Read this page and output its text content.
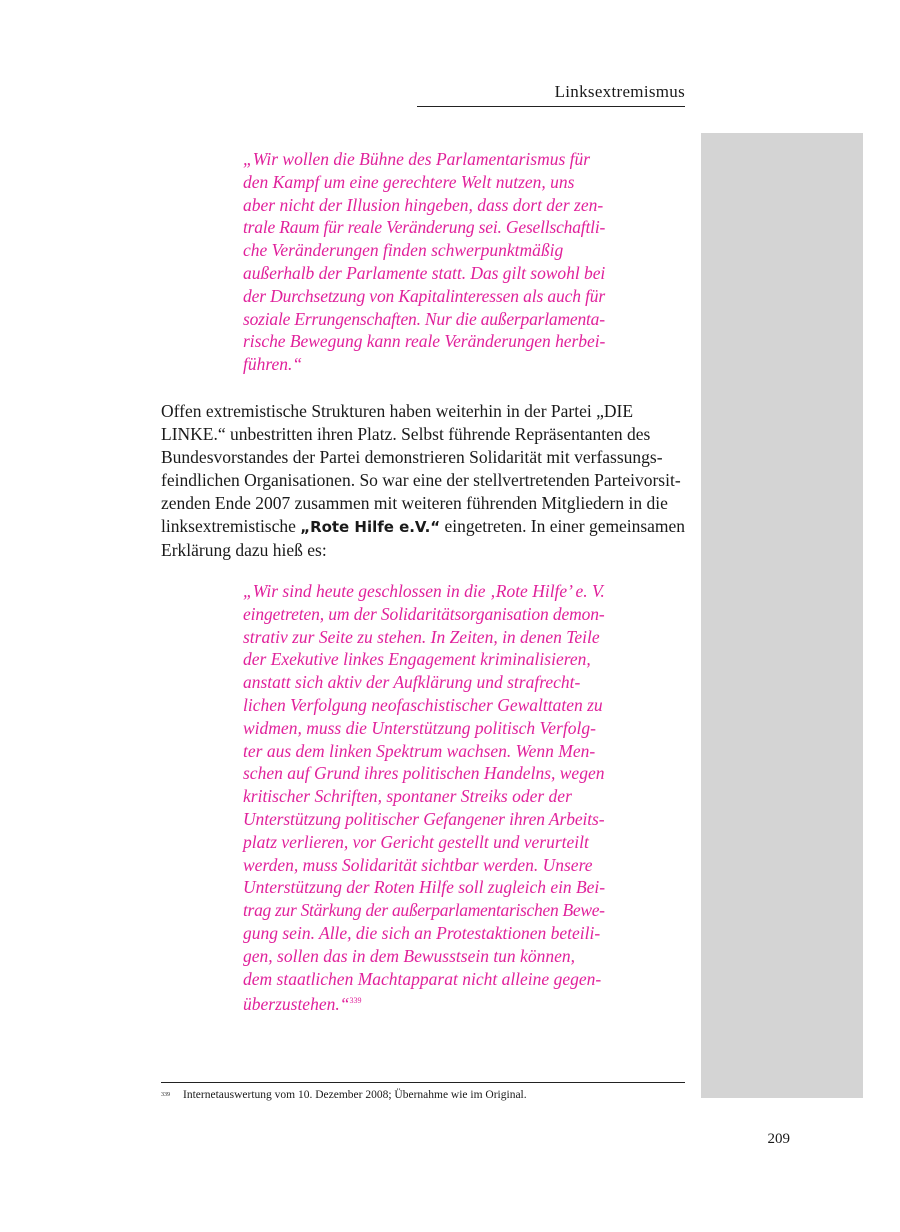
Linksextremismus
„Wir wollen die Bühne des Parlamentarismus für
den Kampf um eine gerechtere Welt nutzen, uns
aber nicht der Illusion hingeben, dass dort der zen-
trale Raum für reale Veränderung sei. Gesellschaftli-
che Veränderungen finden schwerpunktmäßig
außerhalb der Parlamente statt. Das gilt sowohl bei
der Durchsetzung von Kapitalinteressen als auch für
soziale Errungenschaften. Nur die außerparlamenta-
rische Bewegung kann reale Veränderungen herbei-
führen.“
Offen extremistische Strukturen haben weiterhin in der Partei „DIE
LINKE.“ unbestritten ihren Platz. Selbst führende Repräsentanten des
Bundesvorstandes der Partei demonstrieren Solidarität mit verfassungs-
feindlichen Organisationen. So war eine der stellvertretenden Parteivorsit-
zenden Ende 2007 zusammen mit weiteren führenden Mitgliedern in die
linksextremistische „Rote Hilfe e.V.“ eingetreten. In einer gemeinsamen
Erklärung dazu hieß es:
„Wir sind heute geschlossen in die ‚Rote Hilfe’ e. V.
eingetreten, um der Solidaritätsorganisation demon-
strativ zur Seite zu stehen. In Zeiten, in denen Teile
der Exekutive linkes Engagement kriminalisieren,
anstatt sich aktiv der Aufklärung und strafrecht-
lichen Verfolgung neofaschistischer Gewalttaten zu
widmen, muss die Unterstützung politisch Verfolg-
ter aus dem linken Spektrum wachsen. Wenn Men-
schen auf Grund ihres politischen Handelns, wegen
kritischer Schriften, spontaner Streiks oder der
Unterstützung politischer Gefangener ihren Arbeits-
platz verlieren, vor Gericht gestellt und verurteilt
werden, muss Solidarität sichtbar werden. Unsere
Unterstützung der Roten Hilfe soll zugleich ein Bei-
trag zur Stärkung der außerparlamentarischen Bewe-
gung sein. Alle, die sich an Protestaktionen beteili-
gen, sollen das in dem Bewusstsein tun können,
dem staatlichen Machtapparat nicht alleine gegen-
überzustehen.“$^{339}$
339 Internetauswertung vom 10. Dezember 2008; Übernahme wie im Original.
209
